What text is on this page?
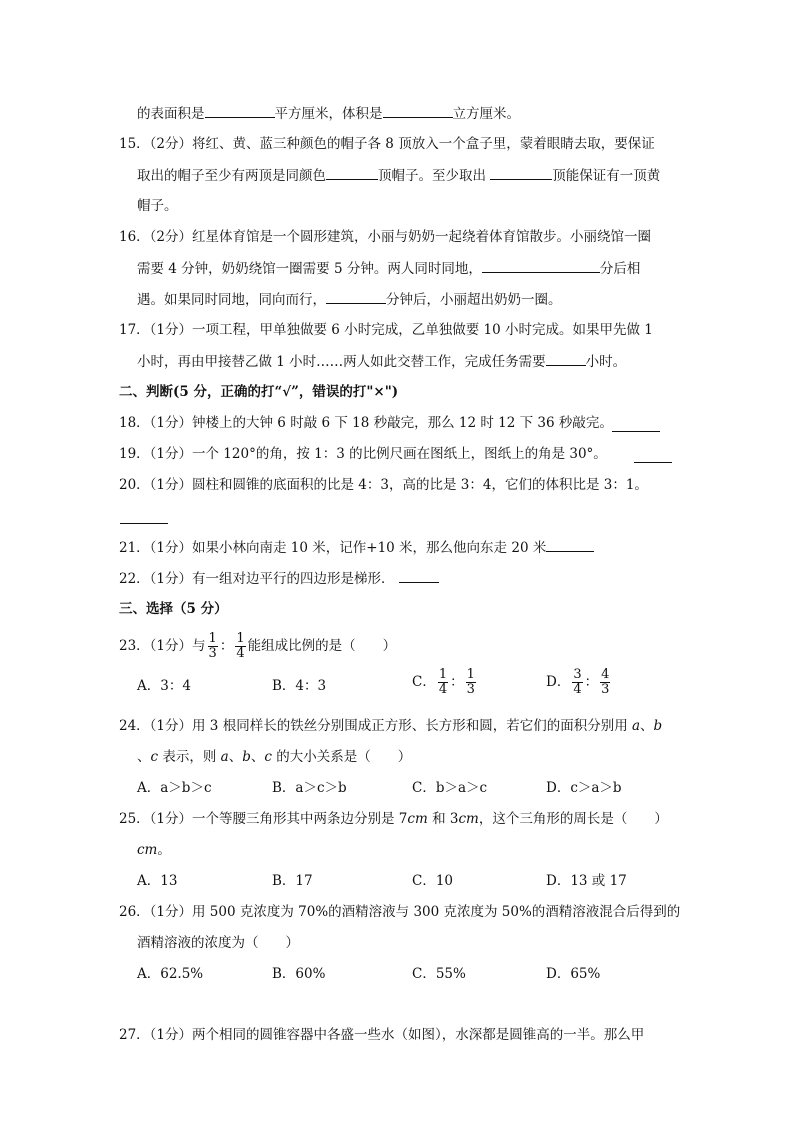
的表面积是	平方厘米，体积是	立方厘米。
15．（2分）将红、黄、蓝三种颜色的帽子各 8 顶放入一个盒子里，蒙着眼睛去取，要保证
取出的帽子至少有两顶是同颜色	顶帽子。至少取出	顶能保证有一顶黄
帽子。
16．（2分）红星体育馆是一个圆形建筑，小丽与奶奶一起绕着体育馆散步。小丽绕馆一圈
需要 4 分钟，奶奶绕馆一圈需要 5 分钟。两人同时同地，	分后相
遇。如果同时同地，同向而行，	分钟后，小丽超出奶奶一圈。
17．（1分）一项工程，甲单独做要 6 小时完成，乙单独做要 10 小时完成。如果甲先做 1
小时，再由甲接替乙做 1 小时……两人如此交替工作，完成任务需要	小时。
二、判断(5 分，正确的打“√”，错误的打"×")
18．（1分）钟楼上的大钟 6 时敲 6 下 18 秒敲完，那么 12 时 12 下 36 秒敲完。
19．（1分）一个 120°的角，按 1：3 的比例尺画在图纸上，图纸上的角是 30°。
20．（1分）圆柱和圆锥的底面积的比是 4：3，高的比是 3：4，它们的体积比是 3：1。
21．（1分）如果小林向南走 10 米，记作+10 米，那么他向东走 20 米
22．（1分）有一组对边平行的四边形是梯形．
三、选择（5 分）
23．（1分）与 $\frac{1}{3}$ ： $\frac{1}{4}$ 能组成比例的是（　　）
A．3：4	B．4：3	C． $\frac{1}{4}$ ： $\frac{1}{3}$	D． $\frac{3}{4}$ ： $\frac{4}{3}$
24．（1分）用 3 根同样长的铁丝分别围成正方形、长方形和圆，若它们的面积分别用 a、b
、c 表示，则 a、b、c 的大小关系是（　　）
A．a＞b＞c	B．a＞c＞b	C．b＞a＞c	D．c＞a＞b
25．（1分）一个等腰三角形其中两条边分别是 7cm 和 3cm，这个三角形的周长是（　　）
cm。
A．13	B．17	C．10	D．13 或 17
26．（1分）用 500 克浓度为 70%的酒精溶液与 300 克浓度为 50%的酒精溶液混合后得到的
酒精溶液的浓度为（　　）
A．62.5%	B．60%	C．55%	D．65%
27．（1分）两个相同的圆锥容器中各盛一些水（如图），水深都是圆锥高的一半。那么甲
